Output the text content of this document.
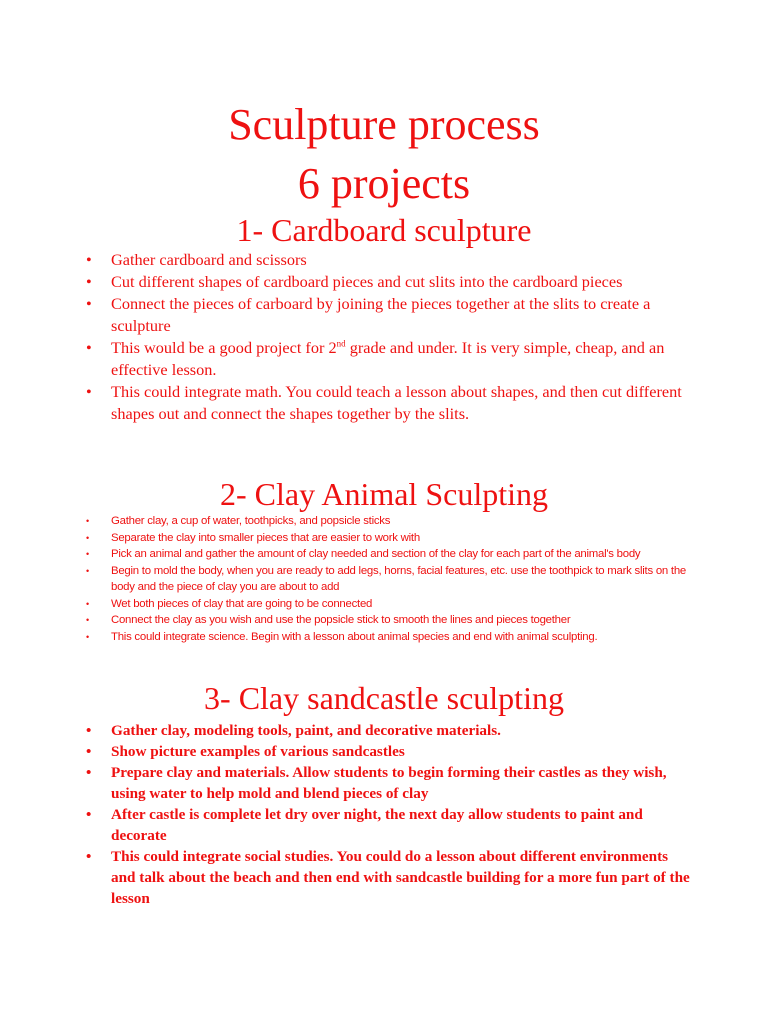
Sculpture process
6 projects
1- Cardboard sculpture
• Gather cardboard and scissors
• Cut different shapes of cardboard pieces and cut slits into the cardboard pieces
• Connect the pieces of carboard by joining the pieces together at the slits to create a sculpture
• This would be a good project for 2nd grade and under. It is very simple, cheap, and an effective lesson.
• This could integrate math. You could teach a lesson about shapes, and then cut different shapes out and connect the shapes together by the slits.
2- Clay Animal Sculpting
• Gather clay, a cup of water, toothpicks, and popsicle sticks
• Separate the clay into smaller pieces that are easier to work with
• Pick an animal and gather the amount of clay needed and section of the clay for each part of the animal's body
• Begin to mold the body, when you are ready to add legs, horns, facial features, etc. use the toothpick to mark slits on the body and the piece of clay you are about to add
• Wet both pieces of clay that are going to be connected
• Connect the clay as you wish and use the popsicle stick to smooth the lines and pieces together
• This could integrate science. Begin with a lesson about animal species and end with animal sculpting.
3- Clay sandcastle sculpting
• Gather clay, modeling tools, paint, and decorative materials.
• Show picture examples of various sandcastles
• Prepare clay and materials. Allow students to begin forming their castles as they wish, using water to help mold and blend pieces of clay
• After castle is complete let dry over night, the next day allow students to paint and decorate
• This could integrate social studies. You could do a lesson about different environments and talk about the beach and then end with sandcastle building for a more fun part of the lesson
